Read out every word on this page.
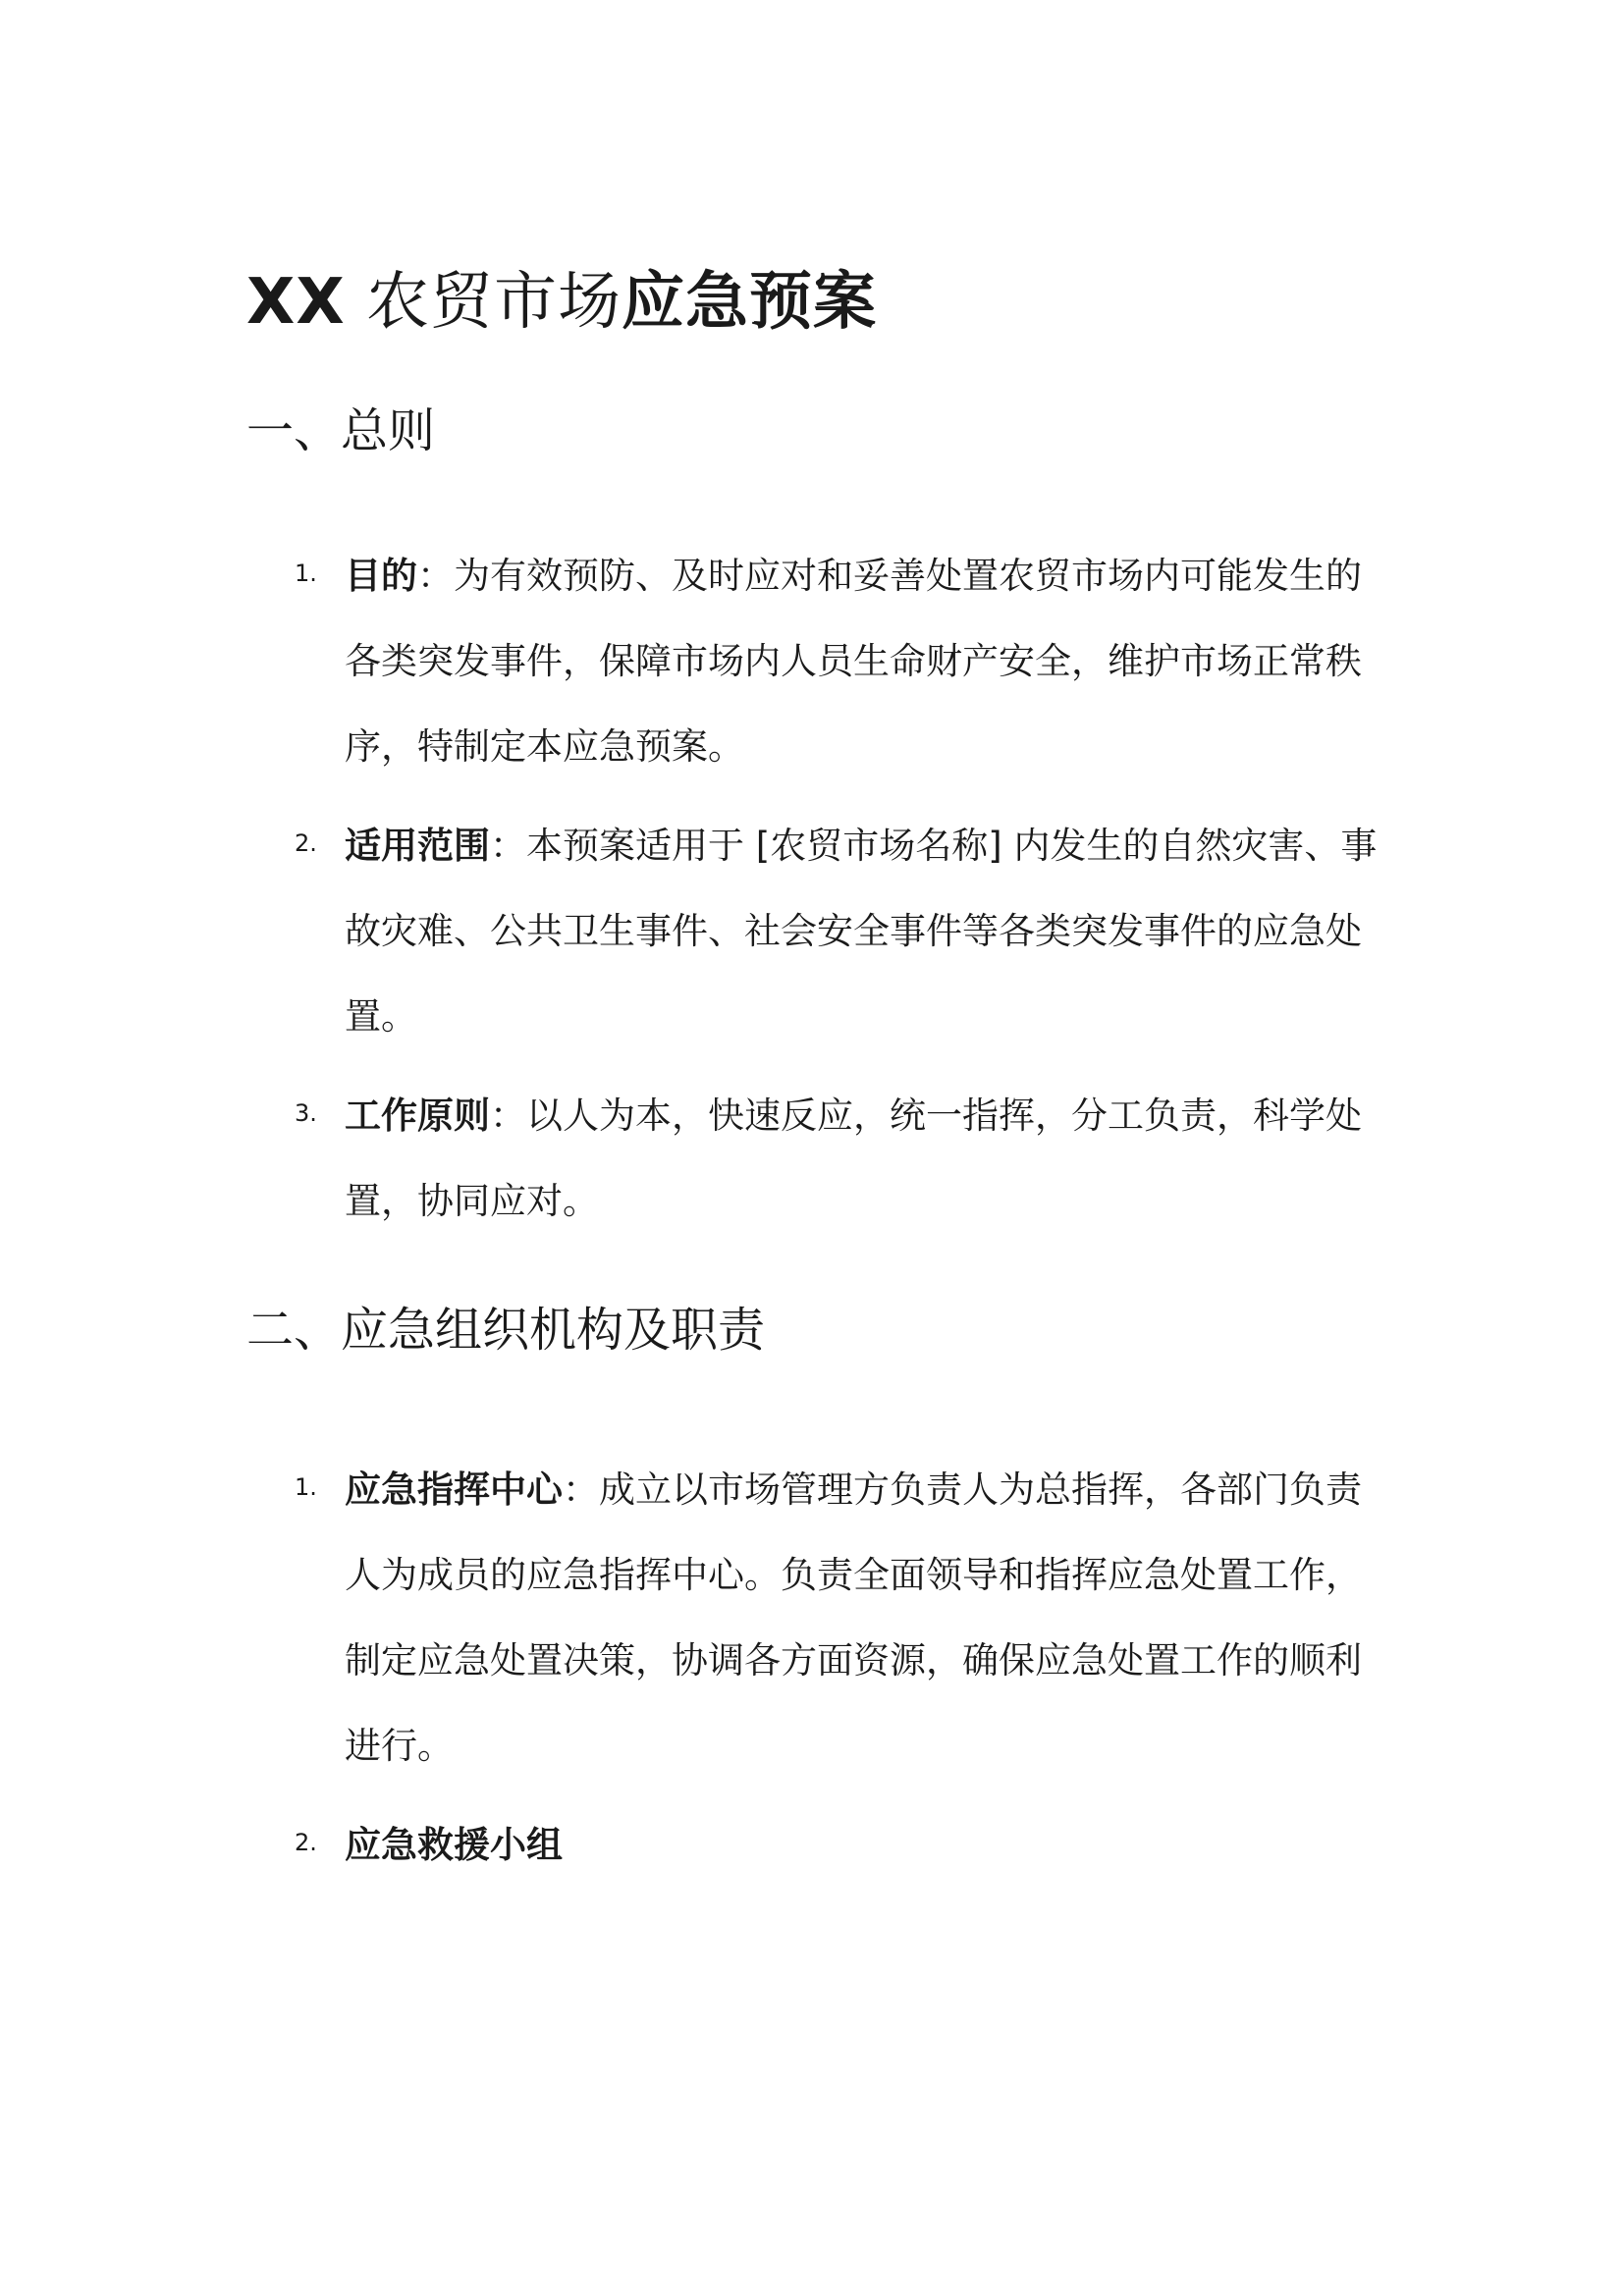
XX 农贸市场应急预案
一、总则
1. 目的：为有效预防、及时应对和妥善处置农贸市场内可能发生的
各类突发事件，保障市场内人员生命财产安全，维护市场正常秩
序，特制定本应急预案。
2. 适用范围：本预案适用于 [农贸市场名称] 内发生的自然灾害、事
故灾难、公共卫生事件、社会安全事件等各类突发事件的应急处
置。
3. 工作原则：以人为本，快速反应，统一指挥，分工负责，科学处
置，协同应对。
二、应急组织机构及职责
1. 应急指挥中心：成立以市场管理方负责人为总指挥，各部门负责
人为成员的应急指挥中心。负责全面领导和指挥应急处置工作，
制定应急处置决策，协调各方面资源，确保应急处置工作的顺利
进行。
2. 应急救援小组
